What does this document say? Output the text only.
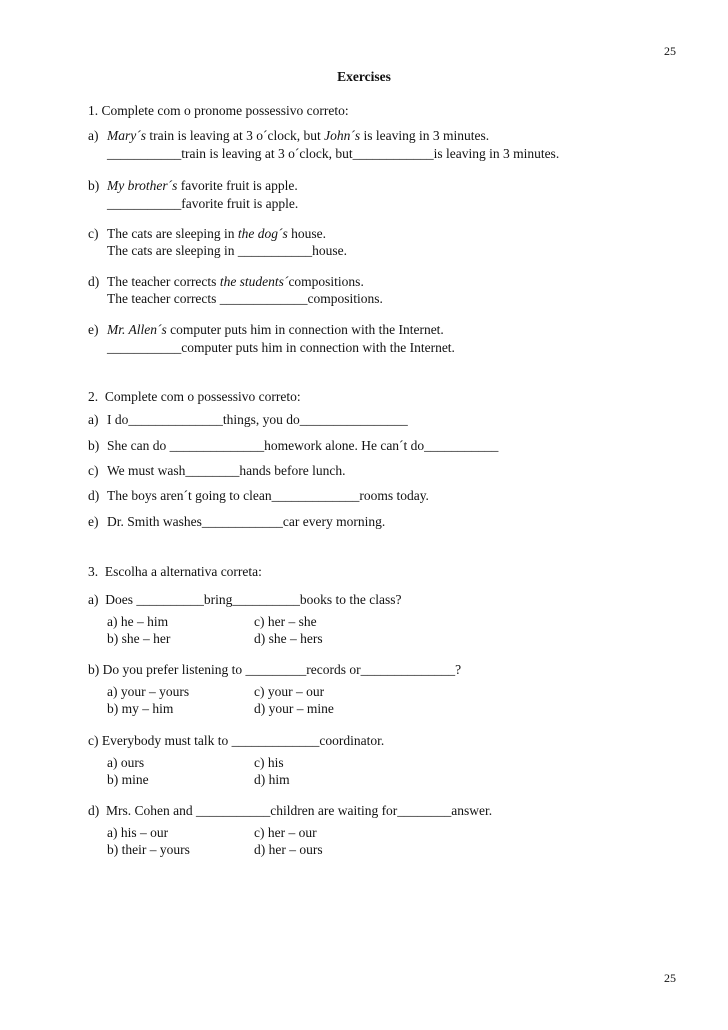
25
Exercises
1. Complete com o pronome possessivo correto:
a) Mary´s train is leaving at 3 o´clock, but John´s is leaving in 3 minutes.
___________train is leaving at 3 o´clock, but____________is leaving in 3 minutes.
b) My brother´s favorite fruit is apple.
___________favorite fruit is apple.
c) The cats are sleeping in the dog´s house.
The cats are sleeping in ___________house.
d) The teacher corrects the students´compositions.
The teacher corrects _____________compositions.
e) Mr. Allen´s computer puts him in connection with the Internet.
___________computer puts him in connection with the Internet.
2.  Complete com o possessivo correto:
a) I do______________things, you do________________
b) She can do ______________homework alone. He can´t do___________
c) We must wash________hands before lunch.
d) The boys aren´t going to clean_____________rooms today.
e) Dr. Smith washes____________car every morning.
3.  Escolha a alternativa correta:
a)  Does __________bring__________books to the class?
a) he – him	c) her – she
b) she – her	d) she – hers
b) Do you prefer listening to _________records or______________?
a) your – yours	c) your – our
b) my – him	d) your – mine
c) Everybody must talk to _____________coordinator.
a) ours	c) his
b) mine	d) him
d)  Mrs. Cohen and ___________children are waiting for________answer.
a) his – our	c) her – our
b) their – yours	d) her – ours
25
